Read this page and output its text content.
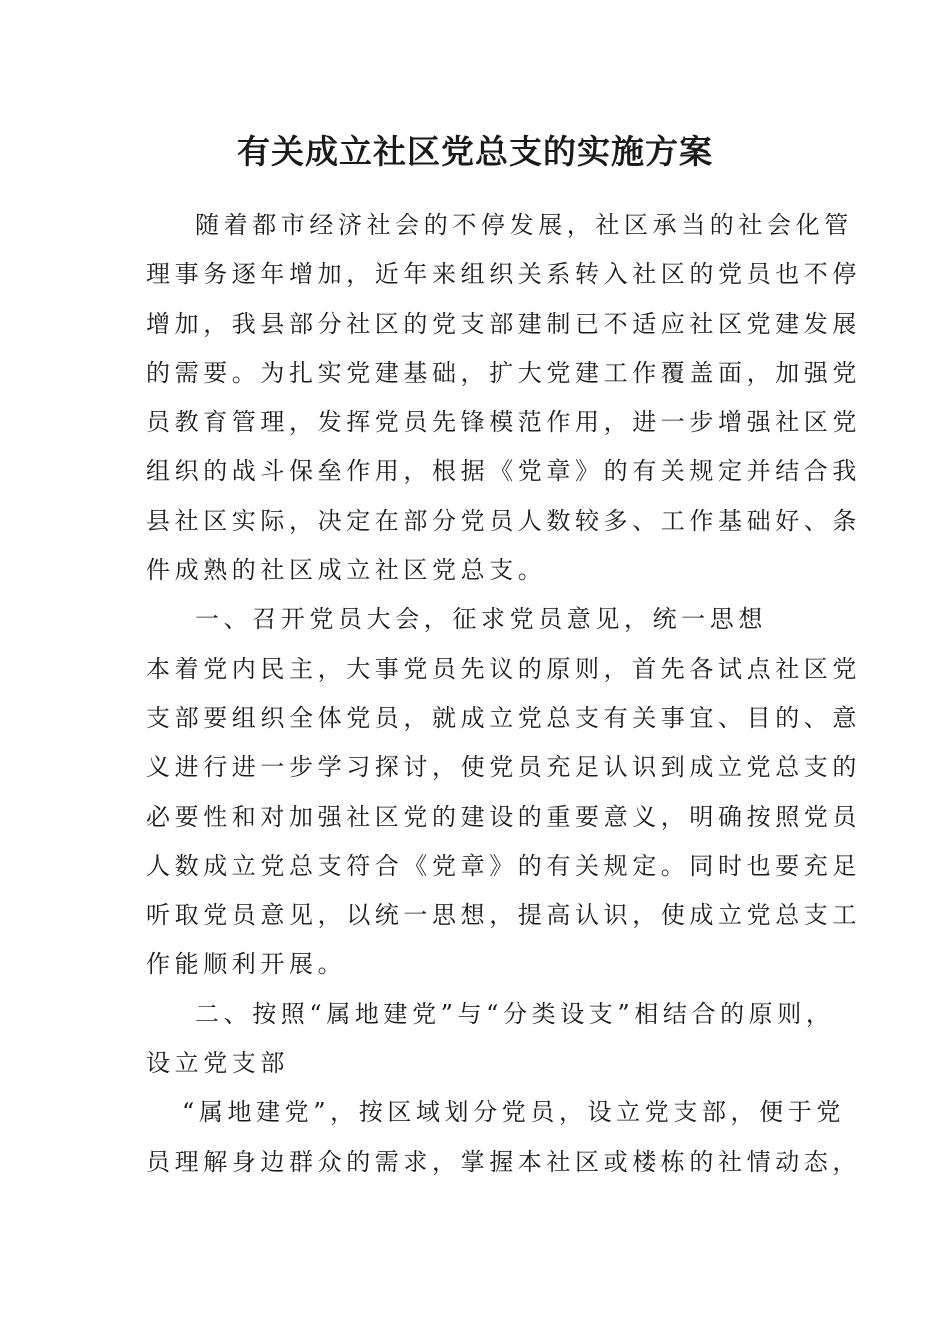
有关成立社区党总支的实施方案
随着都市经济社会的不停发展，社区承当的社会化管
理事务逐年增加，近年来组织关系转入社区的党员也不停
增加，我县部分社区的党支部建制已不适应社区党建发展
的需要。为扎实党建基础，扩大党建工作覆盖面，加强党
员教育管理，发挥党员先锋模范作用，进一步增强社区党
组织的战斗保垒作用，根据《党章》的有关规定并结合我
县社区实际，决定在部分党员人数较多、工作基础好、条
件成熟的社区成立社区党总支。
一、召开党员大会，征求党员意见，统一思想
本着党内民主，大事党员先议的原则，首先各试点社区党
支部要组织全体党员，就成立党总支有关事宜、目的、意
义进行进一步学习探讨，使党员充足认识到成立党总支的
必要性和对加强社区党的建设的重要意义，明确按照党员
人数成立党总支符合《党章》的有关规定。同时也要充足
听取党员意见，以统一思想，提高认识，使成立党总支工
作能顺利开展。
二、按照“属地建党”与“分类设支”相结合的原则，
设立党支部
“属地建党”，按区域划分党员，设立党支部，便于党
员理解身边群众的需求，掌握本社区或楼栋的社情动态，
